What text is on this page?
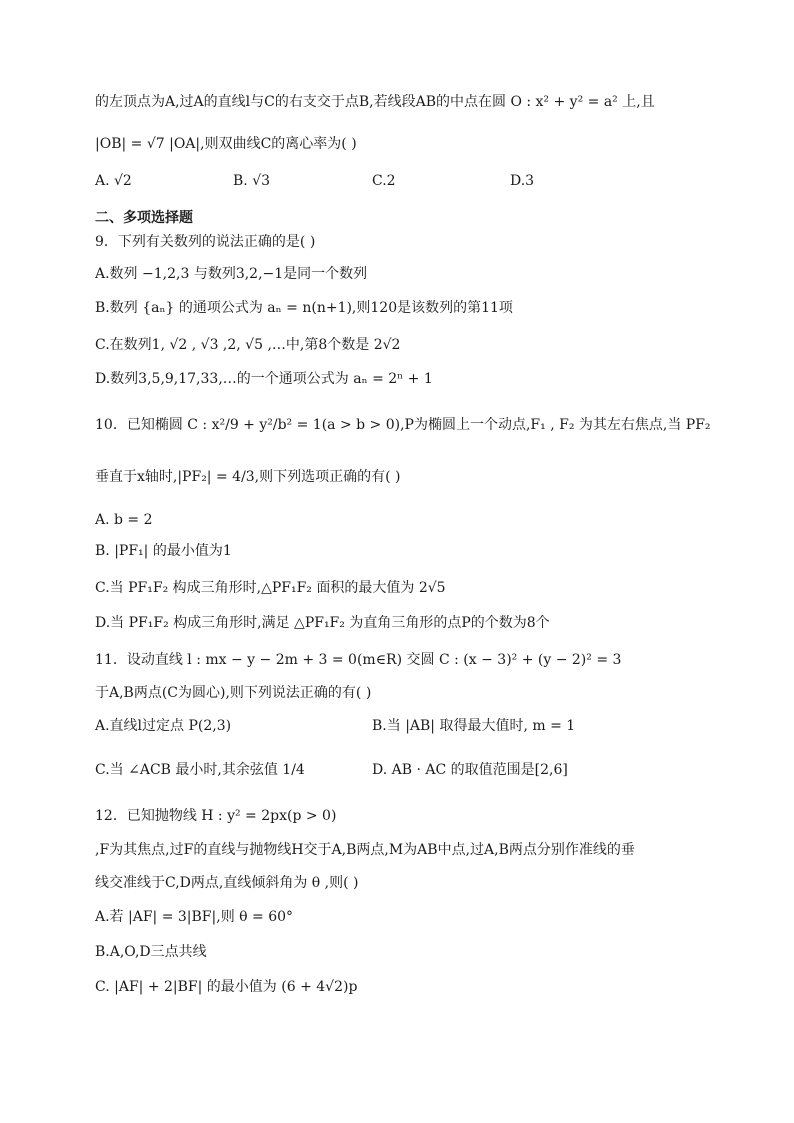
的左顶点为A,过A的直线l与C的右支交于点B,若线段AB的中点在圆 O : x² + y² = a² 上,且
|OB| = √7 |OA|,则双曲线C的离心率为( )
A. √2	B. √3	C.2	D.3
二、多项选择题
9．下列有关数列的说法正确的是( )
A.数列 −1,2,3 与数列3,2,−1是同一个数列
B.数列 {aₙ} 的通项公式为 aₙ = n(n+1),则120是该数列的第11项
C.在数列1, √2 , √3 ,2, √5 ,…中,第8个数是 2√2
D.数列3,5,9,17,33,…的一个通项公式为 aₙ = 2ⁿ + 1
10．已知椭圆 C : x²/9 + y²/b² = 1(a > b > 0),P为椭圆上一个动点,F₁ , F₂ 为其左右焦点,当 PF₂
垂直于x轴时,|PF₂| = 4/3,则下列选项正确的有( )
A. b = 2
B. |PF₁| 的最小值为1
C.当 PF₁F₂ 构成三角形时,△PF₁F₂ 面积的最大值为 2√5
D.当 PF₁F₂ 构成三角形时,满足 △PF₁F₂ 为直角三角形的点P的个数为8个
11．设动直线 l : mx − y − 2m + 3 = 0(m∈R) 交圆 C : (x − 3)² + (y − 2)² = 3
于A,B两点(C为圆心),则下列说法正确的有( )
A.直线l过定点 P(2,3)	B.当 |AB| 取得最大值时, m = 1
C.当 ∠ACB 最小时,其余弦值 1/4	D. AB · AC 的取值范围是[2,6]
12．已知抛物线 H : y² = 2px(p > 0)
,F为其焦点,过F的直线与抛物线H交于A,B两点,M为AB中点,过A,B两点分别作准线的垂
线交准线于C,D两点,直线倾斜角为 θ ,则( )
A.若 |AF| = 3|BF|,则 θ = 60°
B.A,O,D三点共线
C. |AF| + 2|BF| 的最小值为 (6 + 4√2)p
